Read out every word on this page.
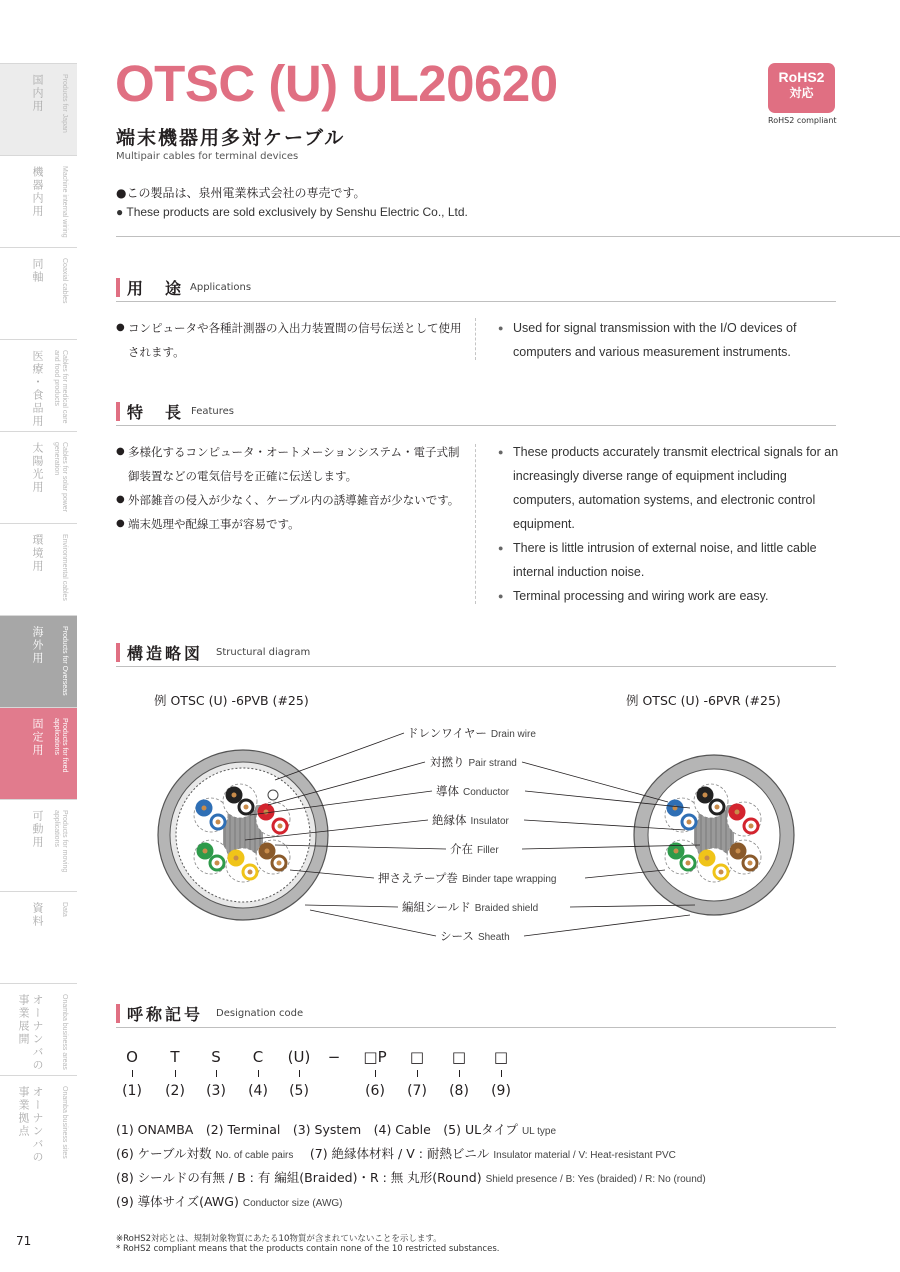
国内用	Products for Japan
機器内用	Machine internal wiring
同軸	Coaxial cables
医療・食品用	Cables for medical care and food products
太陽光用	Cables for solar power generation
環境用	Environmental cables
海外用	Products for Overseas
固定用	Products for fixed applications
可動用	Products for moving applications
資料	Data
オーナンバの事業展開	Onamba business areas
オーナンバの事業拠点	Onamba business sites
71
OTSC (U) UL20620
端末機器用多対ケーブル
Multipair cables for terminal devices
RoHS2
対応
RoHS2 compliant
●この製品は、泉州電業株式会社の専売です。
● These products are sold exclusively by Senshu Electric Co., Ltd.
用　途 Applications
● コンピュータや各種計測器の入出力装置間の信号伝送として使用されます。
● Used for signal transmission with the I/O devices of computers and various measurement instruments.
特　長 Features
● 多様化するコンピュータ・オートメーションシステム・電子式制御装置などの電気信号を正確に伝送します。
● 外部雑音の侵入が少なく、ケーブル内の誘導雑音が少ないです。
● 端末処理や配線工事が容易です。
● These products accurately transmit electrical signals for an increasingly diverse range of equipment including computers, automation systems, and electronic control equipment.
● There is little intrusion of external noise, and little cable internal induction noise.
● Terminal processing and wiring work are easy.
構造略図 Structural diagram
例 OTSC (U) -6PVB (#25)	例 OTSC (U) -6PVR (#25)
ドレンワイヤー Drain wire
対撚り Pair strand
導体 Conductor
絶縁体 Insulator
介在 Filler
押さえテープ巻 Binder tape wrapping
編組シールド Braided shield
シース Sheath
呼称記号 Designation code
O	T	S	C	(U)	−	□P	□	□	□
(1)	(2)	(3)	(4)	(5)	(6)	(7)	(8)	(9)
(1) ONAMBA　(2) Terminal　(3) System　(4) Cable　(5) ULタイプ UL type
(6) ケーブル対数 No. of cable pairs　 (7) 絶縁体材料 / V : 耐熱ビニル Insulator material / V: Heat-resistant PVC
(8) シールドの有無 / B : 有 編組(Braided)・R : 無 丸形(Round) Shield presence / B: Yes (braided) / R: No (round)
(9) 導体サイズ(AWG) Conductor size (AWG)
※RoHS2対応とは、規制対象物質にあたる10物質が含まれていないことを示します。
* RoHS2 compliant means that the products contain none of the 10 restricted substances.
